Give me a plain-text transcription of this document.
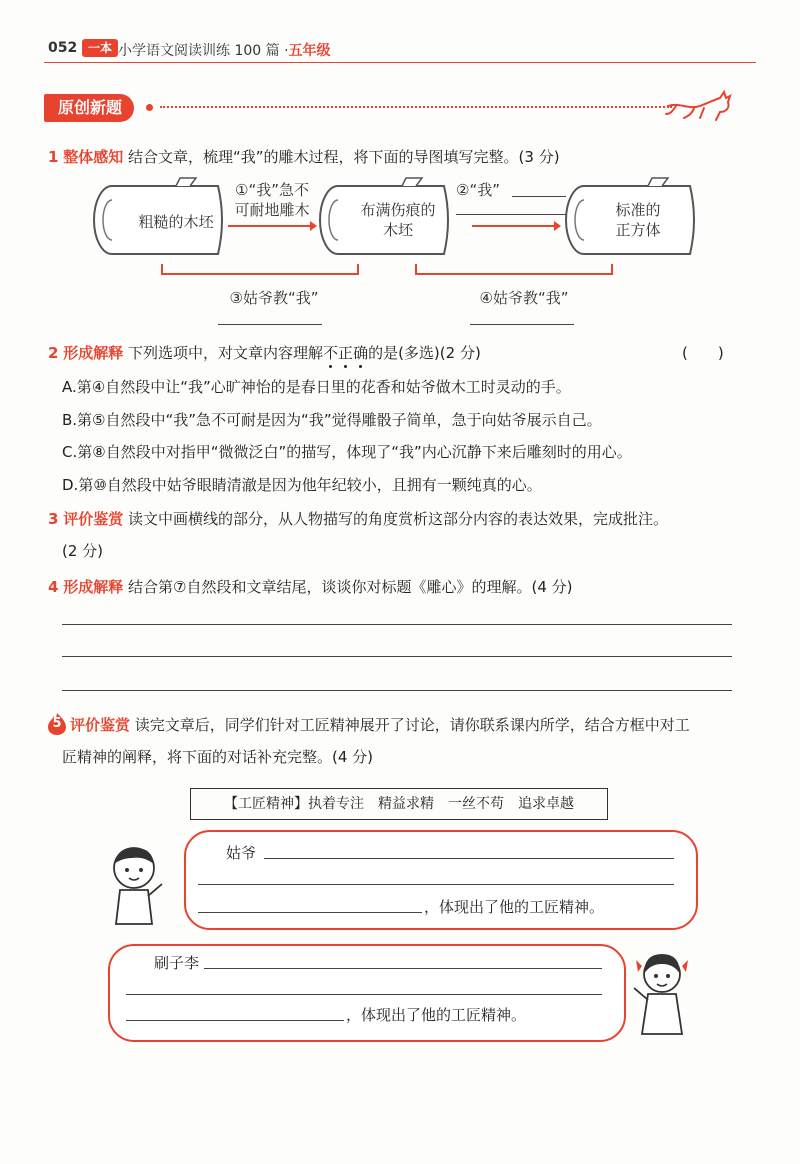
052 一本 小学语文阅读训练 100 篇 ·五年级
原创新题
1 整体感知 结合文章，梳理“我”的雕木过程，将下面的导图填写完整。(3 分)
粗糙的木坯
①“我”急不
可耐地雕木	布满伤痕的
木坯
②“我”
标准的
正方体
③姑爷教“我”	④姑爷教“我”
2 形成解释 下列选项中，对文章内容理解不正确的是(多选)(2 分)	(　　)
A.第④自然段中让“我”心旷神怡的是春日里的花香和姑爷做木工时灵动的手。
B.第⑤自然段中“我”急不可耐是因为“我”觉得雕骰子简单，急于向姑爷展示自己。
C.第⑧自然段中对指甲“微微泛白”的描写，体现了“我”内心沉静下来后雕刻时的用心。
D.第⑩自然段中姑爷眼睛清澈是因为他年纪较小，且拥有一颗纯真的心。
3 评价鉴赏 读文中画横线的部分，从人物描写的角度赏析这部分内容的表达效果，完成批注。
(2 分)
4 形成解释 结合第⑦自然段和文章结尾，谈谈你对标题《雕心》的理解。(4 分)
5 评价鉴赏 读完文章后，同学们针对工匠精神展开了讨论，请你联系课内所学，结合方框中对工
匠精神的阐释，将下面的对话补充完整。(4 分)
【工匠精神】执着专注　精益求精　一丝不苟　追求卓越
姑爷
，体现出了他的工匠精神。
刷子李
，体现出了他的工匠精神。
